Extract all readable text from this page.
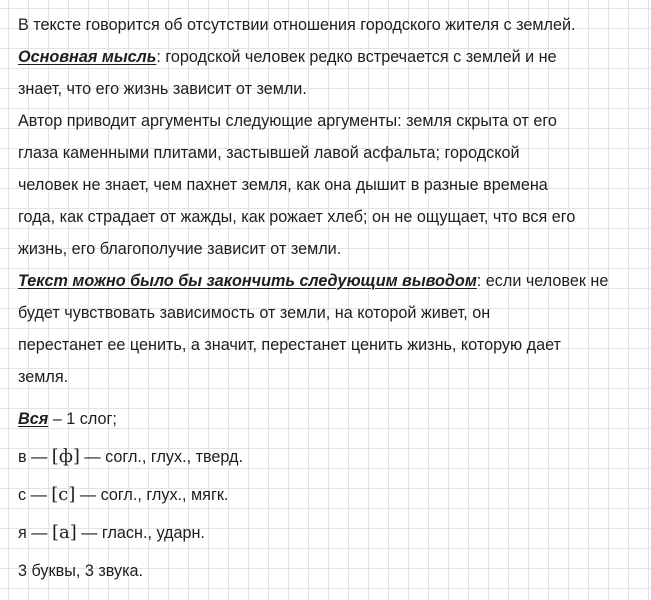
В тексте говорится об отсутствии отношения городского жителя с землей.
Основная мысль: городской человек редко встречается с землей и не
знает, что его жизнь зависит от земли.
Автор приводит аргументы следующие аргументы: земля скрыта от его
глаза каменными плитами, застывшей лавой асфальта; городской
человек не знает, чем пахнет земля, как она дышит в разные времена
года, как страдает от жажды, как рожает хлеб; он не ощущает, что вся его
жизнь, его благополучие зависит от земли.
Текст можно было бы закончить следующим выводом: если человек не
будет чувствовать зависимость от земли, на которой живет, он
перестанет ее ценить, а значит, перестанет ценить жизнь, которую дает
земля.
Вся – 1 слог;
в — [ф] — согл., глух., тверд.
с — [с] — согл., глух., мягк.
я — [а] — гласн., ударн.
3 буквы, 3 звука.
